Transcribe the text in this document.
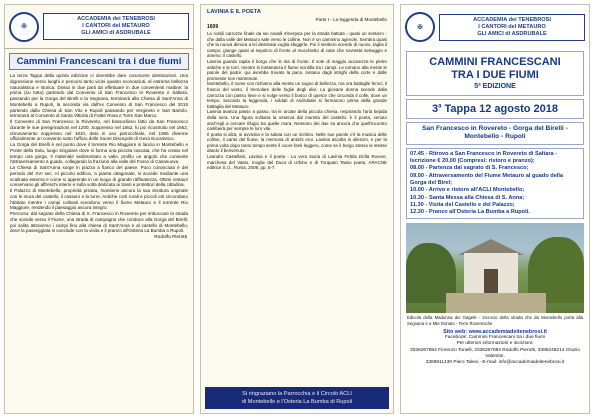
✠
ACCADEMIA dei TENEBROSI
I CANTORI del METAURO
GLI AMICI di ASDRUBALE
Cammini Francescani tra i due fiumi

La terza Tappa della quinta edizione ci dovrebbe dare conoscere destinazioni. Una digressione verso luoghi e percorsi tanto vicini quanto sconosciuti, di estrema bellezza naturalistica e storica. Divisa in due parti da effettuare in due convenienti mattine: la prima (su tutto) partendo dal Convento di San Francesco in Rovereto e Saltara, passando per la Gorga del Birelli e la Segnana, terminerà alla Chiesa di Sant'Anna di Montebello a Rupoli, la seconda via dall'ex Convento di San Francesco del 2016 partendo dalla Chiesa di San Vito e Rupoli passando per Vergineto e San Bartolo, terminerà al Convento di Santa Vittoria di Fratte Rosa e Torre San Marco.

Il Convento di San Francesco in Rovereto, nel bassorilievo fatto da San Francesco durante le sue peregrinazioni nel 1200. Soppresso nel 1652, fu poi ricostruito nel 1662, rinnovamento soppresso nel 1810, dato in uso parrocchiale, nel 1906 divenne ufficialmente un convento sotto l'ufficio delle Suore Discepole di Gesù Eucaristico.

La Gorga del Birelli è nel punto dove il torrente Rio Maggiore si lancia in Montebello e Ponte della Sola, luogo singolare dove si forma una piccola cascata, che ha creato nel tempo una gorga. Il materiale sedimentato a valle, profilo un angolo che consente l'attraversamento a guado, collegando la frazione alla valle del Fosso di Casanuova.

La Chiesa di Sant'Anna sorge in piazza a fianco del paese. Poco conosciuta è del periodo del XVI sec. Al piccolo edificio, a pianta ottagonale, si accede mediante una scalinata esterna e come si apprende in un luogo di grande raffinatezza. Ottimi restauri conservano gli affreschi interni e sulla volta dedicata ai Santi e protettori della cittadina.

Il Palazzo di Montebello, proprietà privata, mantiene ancora la sua struttura originale con le mura del castello, il cassero e la torre. Antiche corti rurali e piccoli orti circondano l'abitato mentre i campi coltivati scendono verso il fiume Metauro e il torrente Rio Maggiore, rendendo il paesaggio ancora integro.

Percorso: dal sagrato della Chiesa di S. Francesco in Rovereto per imboccare la strada che scende verso il Fiume, una strada di campagna che conduce alla Gorga del Birelli; poi salita attraverso i campi fino alla chiesa di Sant'Anna e al castello di Montebello, dove la passeggiata si conclude con la visita e il pranzo all'Osteria La Bumba a Rupoli.

Rodolfo Pierotti
LAVINIA E IL POETA
Parte I - La leggenda di Montebello
1609

Le nobili carrozze finale da sei cavalli s'inerpica per la strada battuta - quasi un sentiero - che dalla valle del Metauro sale verso le colline. Non è un cammino agevole. Sembra quasi che la nuova dimora a lei destinata voglia sfuggirle. Poi il sentiero scende di nuovo, taglia il campo, giunge quasi al sepolcro di fronte al mucchietto di case che sovrasta selvaggio e ameno: il castello.

Lavinia guarda rapita il borgo che le sta di fronte. Il sole di maggio accarezza le pietre antiche e le torri, mentre in lontananza il fiume scintilla tra i campi. Le tornano alla mente le parole del padre: qui avrebbe trovato la pace, lontano dagli intrighi della corte e dalle promesse non mantenute.

Montebello, il nome con richiamo alla mente un sogno di bellezza, ma ora battaglie feroci, il fruscio del vento, il tremolare delle foglie degli ulivi. La giovane donna scende dalla carrozza con passo lieve e si volge verso il bosco di querce che circonda il colle, dove un tempo, secondo la leggenda, i soldati di Asdrubale si fermarono prima della grande battaglia del Metauro.

Lavinia avanza passo a passo, tra le arcate della piccola chiesa, respirando l'aria tiepida della sera. Una figura solitaria la osserva dal muretto del castello: è il poeta, venuto anch'egli a cercare rifugio tra quelle mura. Nessuno dei due sa ancora che quell'incontro cambierà per sempre le loro vite.

Il poeta si alza, si avvicina e la saluta con un inchino. Nelle sue parole c'è la musica delle colline, il canto del fiume, la memoria di antichi eroi. Lavinia ascolta in silenzio, e per la prima volta dopo tanto tempo sente il cuore farsi leggero, come se il borgo stesso le stesse dando il benvenuto.

Leandro Castellani, Lavinia e il poeta - La vera storia di Lavinia Feltria Della Rovere, marchesa del Vasto, moglie del Duca di Urbino e di Torquato Tasso poeta, ARACNE editrice S.r.l., Roma, 2009, pp. 5-7.

Si ringraziano la Parrocchia e il Circolo ACLI
di Montebello e l'Osteria La Bumba di Rupoli
✠
ACCADEMIA dei TENEBROSI
I CANTORI del METAURO
GLI AMICI di ASDRUBALE
CAMMINI FRANCESCANI
TRA I DUE FIUMI
5ª EDIZIONE
3$^a$ Tappa 12 agosto 2018
San Francesco in Rovereto - Gorga del Birelli - Montebello - Rupoli
07.45 - Ritrovo a San Francesco in Rovereto di Saltara - Iscrizione € 20,00 (Compresi: ristoro e pranzo);
08.00 - Partenza dal sagrato di S. Francesco;
09.00 - Attraversamento del Fiume Metauro al guado della Gorga del Birel;
10.00 - Arrivo e ristoro all'ACLI Montebello;
10.30 - Santa Messa alla Chiesa di S. Anna;
11.30 - Visita del Castello e del Palazzo;
12.30 - Pranzo all'Osteria La Bumba a Rupoli.
Edicola della Madonna dei Gagetti - Incrocio della strada che da Montebello porta alla Segnana e a Mte Donato - Terre Roveresche
Sito web: www.accademiadeitenebrosi.it
Facebook: Cammini Francescani tra i due fiumi
Per ulteriori informazioni e iscrizioni:
3336267884 Fiorenzo Tonelli, 3336267884 Rodolfo Pierotti, 3386246214 Orazio Valentini,
3389911430 Piero Talevi - E-mail: info@accademiadeitenebrosi.it
